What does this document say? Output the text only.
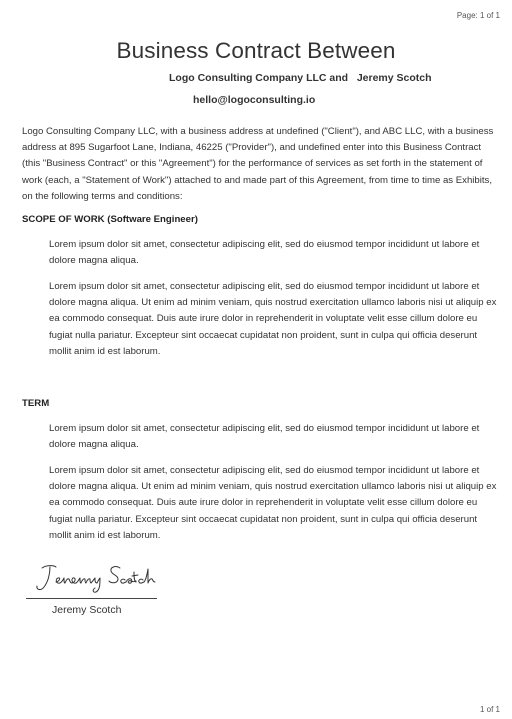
Page: 1 of 1
Business Contract Between
Logo Consulting Company LLC and   Jeremy Scotch
hello@logoconsulting.io
Logo Consulting Company LLC, with a business address at undefined ("Client"), and ABC LLC, with a business address at 895 Sugarfoot Lane, Indiana, 46225 ("Provider"), and undefined enter into this Business Contract (this "Business Contract" or this "Agreement") for the performance of services as set forth in the statement of work (each, a "Statement of Work") attached to and made part of this Agreement, from time to time as Exhibits, on the following terms and conditions:
SCOPE OF WORK (Software Engineer)
Lorem ipsum dolor sit amet, consectetur adipiscing elit, sed do eiusmod tempor incididunt ut labore et dolore magna aliqua.
Lorem ipsum dolor sit amet, consectetur adipiscing elit, sed do eiusmod tempor incididunt ut labore et dolore magna aliqua. Ut enim ad minim veniam, quis nostrud exercitation ullamco laboris nisi ut aliquip ex ea commodo consequat. Duis aute irure dolor in reprehenderit in voluptate velit esse cillum dolore eu fugiat nulla pariatur. Excepteur sint occaecat cupidatat non proident, sunt in culpa qui officia deserunt mollit anim id est laborum.
TERM
Lorem ipsum dolor sit amet, consectetur adipiscing elit, sed do eiusmod tempor incididunt ut labore et dolore magna aliqua.
Lorem ipsum dolor sit amet, consectetur adipiscing elit, sed do eiusmod tempor incididunt ut labore et dolore magna aliqua. Ut enim ad minim veniam, quis nostrud exercitation ullamco laboris nisi ut aliquip ex ea commodo consequat. Duis aute irure dolor in reprehenderit in voluptate velit esse cillum dolore eu fugiat nulla pariatur. Excepteur sint occaecat cupidatat non proident, sunt in culpa qui officia deserunt mollit anim id est laborum.
Jeremy Scotch
1 of 1
